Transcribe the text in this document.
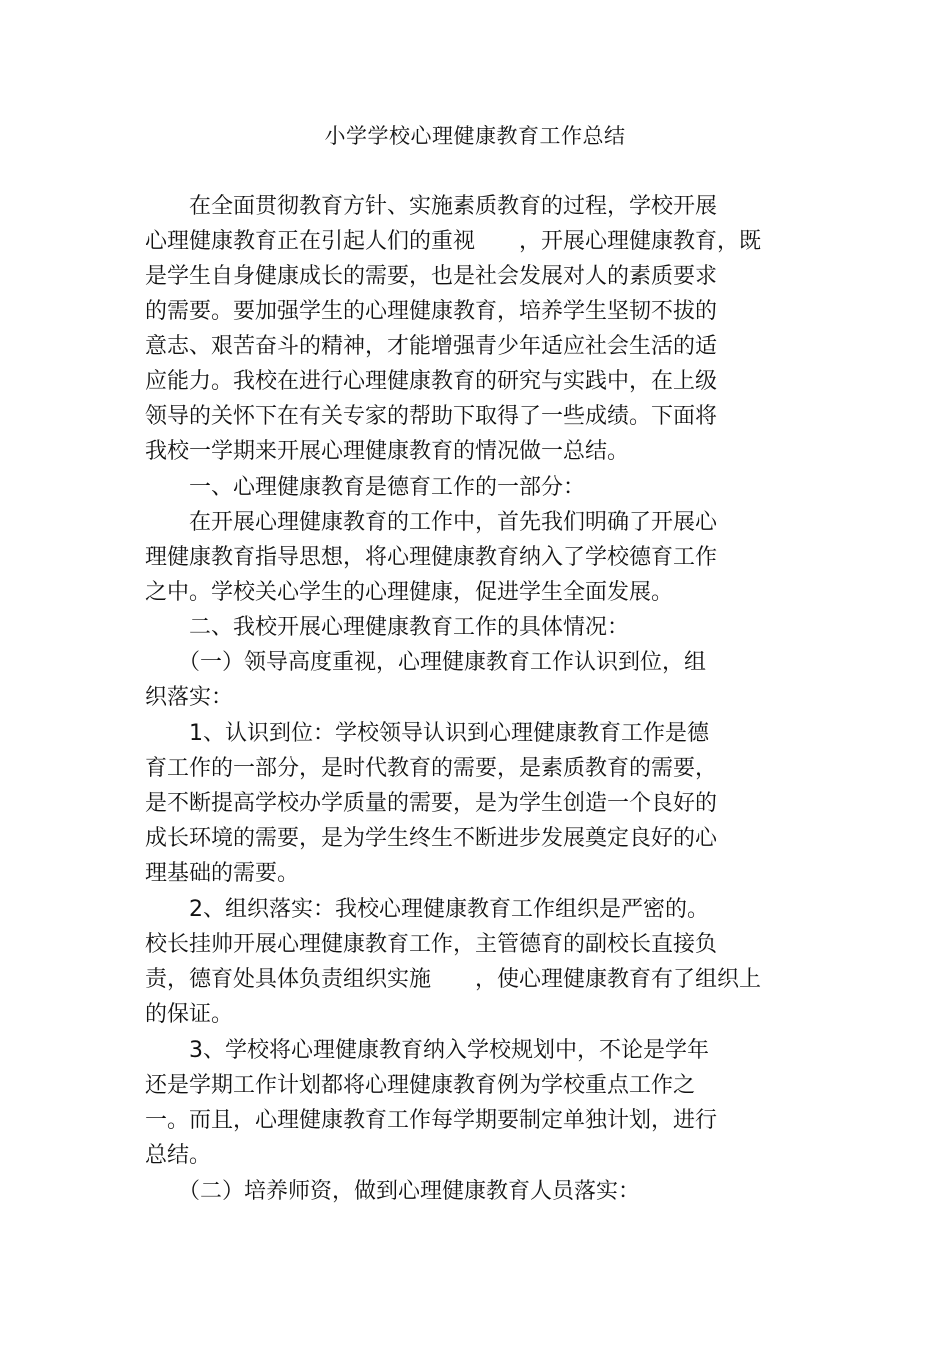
小学学校心理健康教育工作总结
　　在全面贯彻教育方针、实施素质教育的过程，学校开展
心理健康教育正在引起人们的重视　　，开展心理健康教育，既
是学生自身健康成长的需要，也是社会发展对人的素质要求
的需要。要加强学生的心理健康教育，培养学生坚韧不拔的
意志、艰苦奋斗的精神，才能增强青少年适应社会生活的适
应能力。我校在进行心理健康教育的研究与实践中，在上级
领导的关怀下在有关专家的帮助下取得了一些成绩。下面将
我校一学期来开展心理健康教育的情况做一总结。
　　一、心理健康教育是德育工作的一部分：
　　在开展心理健康教育的工作中，首先我们明确了开展心
理健康教育指导思想，将心理健康教育纳入了学校德育工作
之中。学校关心学生的心理健康，促进学生全面发展。
　　二、我校开展心理健康教育工作的具体情况：
　　（一）领导高度重视，心理健康教育工作认识到位，组
织落实：
　　1、认识到位：学校领导认识到心理健康教育工作是德
育工作的一部分，是时代教育的需要，是素质教育的需要，
是不断提高学校办学质量的需要，是为学生创造一个良好的
成长环境的需要，是为学生终生不断进步发展奠定良好的心
理基础的需要。
　　2、组织落实：我校心理健康教育工作组织是严密的。
校长挂帅开展心理健康教育工作，主管德育的副校长直接负
责，德育处具体负责组织实施　　，使心理健康教育有了组织上
的保证。
　　3、学校将心理健康教育纳入学校规划中，不论是学年
还是学期工作计划都将心理健康教育例为学校重点工作之
一。而且，心理健康教育工作每学期要制定单独计划，进行
总结。
　　（二）培养师资，做到心理健康教育人员落实：
